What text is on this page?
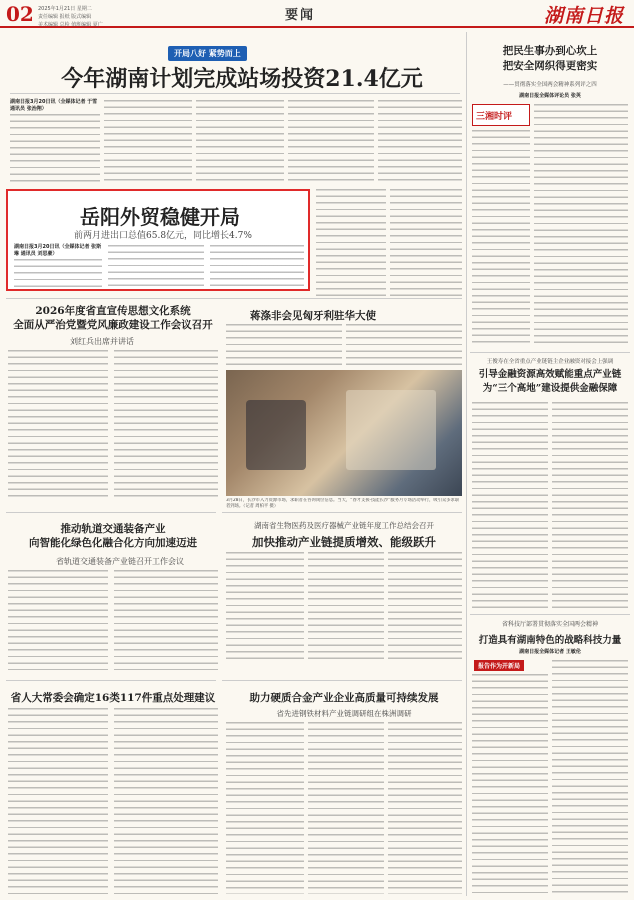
02 2025年1月21日 星期二
责任编辑 报纸 版式编辑
美术编辑 总检 值班编辑 夏广
要闻	湖南日报
开局八好 紧势而上
今年湖南计划完成站场投资21.4亿元
湖南日报3月20日讯（全媒体记者 于雪 通讯员 张治翔）
岳阳外贸稳健开局
前两月进出口总值65.8亿元，同比增长4.7%
湖南日报3月20日讯（全媒体记者 张斯琳 通讯员 刘思豪）
2026年度省直宣传思想文化系统
全面从严治党暨党风廉政建设工作会议召开
刘红兵出席并讲话
蒋涤非会见匈牙利驻华大使
3月28日，长沙市入力资源市场，求职者在咨询岗位信息。当天，“春才支援·技能长沙”服务月专场活动举行，吸引众多求职者到场。（记者 周柏平 摄）
推动轨道交通装备产业
向智能化绿色化融合化方向加速迈进
省轨道交通装备产业链召开工作会议
湖南省生物医药及医疗器械产业链年度工作总结会召开
加快推动产业链提质增效、能级跃升
省人大常委会确定16类117件重点处理建议	助力硬质合金产业企业高质量可持续发展
省先进钢铁材料产业链调研组在株洲调研
把民生事办到心坎上
把安全网织得更密实
——贯彻落实全国两会精神系列评之四
湖南日报全媒体评论员 张英
三湘时评
王俊寿在全省重点产业链链主企业融资对接会上强调
引导金融资源高效赋能重点产业链
为“三个高地”建设提供金融保障
省科技厅部署贯彻落实全国两会精神
打造具有湖南特色的战略科技力量
湖南日报全媒体记者 王敏伦
报告作为开新局
